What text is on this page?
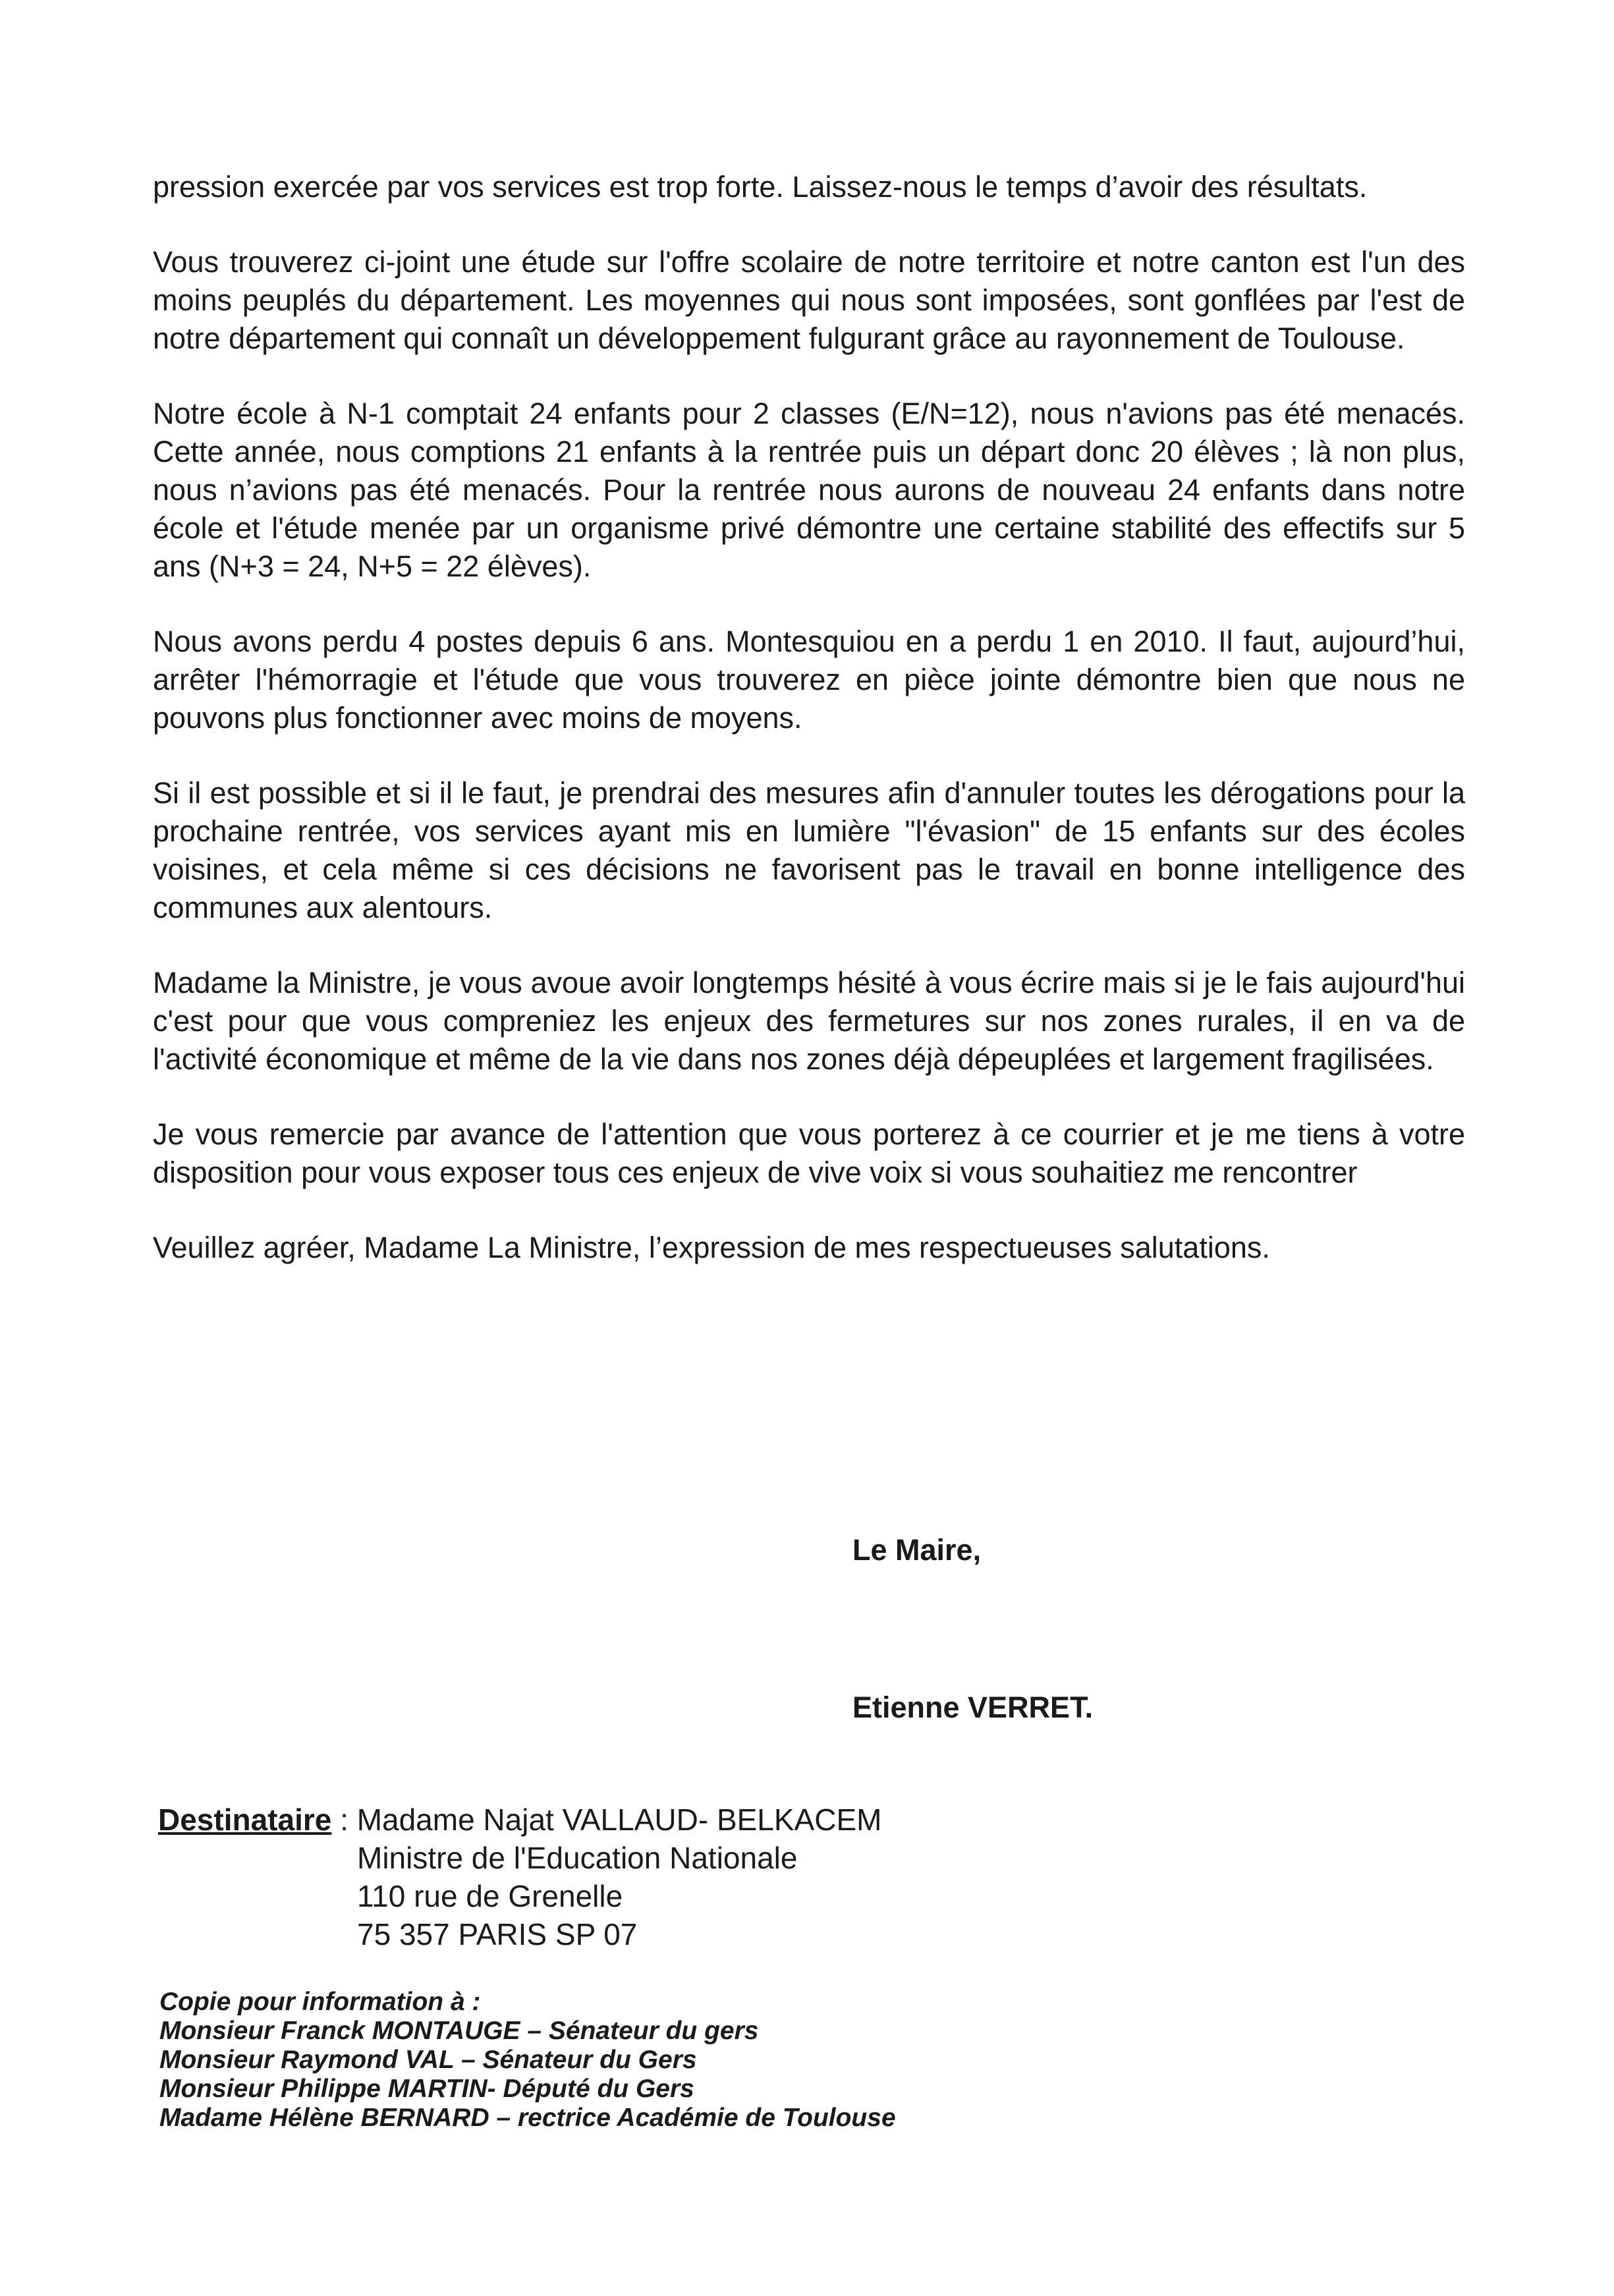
pression exercée par vos services est trop forte. Laissez-nous le temps d’avoir des résultats.

Vous trouverez ci-joint une étude sur l'offre scolaire de notre territoire et notre canton est l'un des moins peuplés du département. Les moyennes qui nous sont imposées, sont gonflées par l'est de notre département qui connaît un développement fulgurant grâce au rayonnement de Toulouse.

Notre école à N-1 comptait 24 enfants pour 2 classes (E/N=12), nous n'avions pas été menacés. Cette année, nous comptions 21 enfants à la rentrée puis un départ donc 20 élèves ; là non plus, nous n’avions pas été menacés. Pour la rentrée nous aurons de nouveau 24 enfants dans notre école et l'étude menée par un organisme privé démontre une certaine stabilité des effectifs sur 5 ans (N+3 = 24, N+5 = 22 élèves).

Nous avons perdu 4 postes depuis 6 ans. Montesquiou en a perdu 1 en 2010. Il faut, aujourd’hui, arrêter l'hémorragie et l'étude que vous trouverez en pièce jointe démontre bien que nous ne pouvons plus fonctionner avec moins de moyens.

Si il est possible et si il le faut, je prendrai des mesures afin d'annuler toutes les dérogations pour la prochaine rentrée, vos services ayant mis en lumière "l'évasion" de 15 enfants sur des écoles voisines, et cela même si ces décisions ne favorisent pas le travail en bonne intelligence des communes aux alentours.

Madame la Ministre, je vous avoue avoir longtemps hésité à vous écrire mais si je le fais aujourd'hui c'est pour que vous compreniez les enjeux des fermetures sur nos zones rurales, il en va de l'activité économique et même de la vie dans nos zones déjà dépeuplées et largement fragilisées.

Je vous remercie par avance de l'attention que vous porterez à ce courrier et je me tiens à votre disposition pour vous exposer tous ces enjeux de vive voix si vous souhaitiez me rencontrer

Veuillez agréer, Madame La Ministre, l’expression de mes respectueuses salutations.

Le Maire,
Etienne VERRET.
Destinataire : Madame Najat VALLAUD- BELKACEM
Ministre de l'Education Nationale
110 rue de Grenelle
75 357 PARIS SP 07
Copie pour information à :
Monsieur Franck MONTAUGE – Sénateur du gers
Monsieur Raymond VAL – Sénateur du Gers
Monsieur Philippe MARTIN- Député du Gers
Madame Hélène BERNARD – rectrice Académie de Toulouse
